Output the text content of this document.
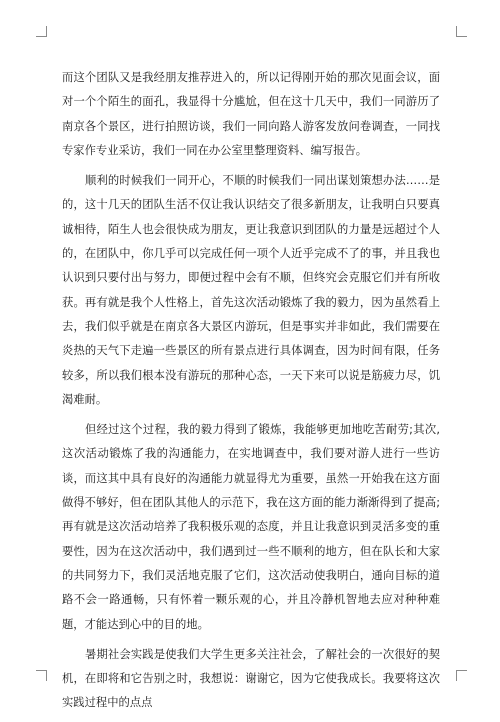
而这个团队又是我经朋友推荐进入的，所以记得刚开始的那次见面会议，面对一个个陌生的面孔，我显得十分尴尬，但在这十几天中，我们一同游历了南京各个景区，进行拍照访谈，我们一同向路人游客发放问卷调查，一同找专家作专业采访，我们一同在办公室里整理资料、编写报告。

顺利的时候我们一同开心，不顺的时候我们一同出谋划策想办法……是的，这十几天的团队生活不仅让我认识结交了很多新朋友，让我明白只要真诚相待，陌生人也会很快成为朋友，更让我意识到团队的力量是远超过个人的，在团队中，你几乎可以完成任何一项个人近乎完成不了的事，并且我也认识到只要付出与努力，即便过程中会有不顺，但终究会克服它们并有所收获。再有就是我个人性格上，首先这次活动锻炼了我的毅力，因为虽然看上去，我们似乎就是在南京各大景区内游玩，但是事实并非如此，我们需要在炎热的天气下走遍一些景区的所有景点进行具体调查，因为时间有限，任务较多，所以我们根本没有游玩的那种心态，一天下来可以说是筋疲力尽，饥渴难耐。

但经过这个过程，我的毅力得到了锻炼，我能够更加地吃苦耐劳;其次,这次活动锻炼了我的沟通能力，在实地调查中，我们要对游人进行一些访谈，而这其中具有良好的沟通能力就显得尤为重要，虽然一开始我在这方面做得不够好，但在团队其他人的示范下，我在这方面的能力渐渐得到了提高;再有就是这次活动培养了我积极乐观的态度，并且让我意识到灵活多变的重要性，因为在这次活动中，我们遇到过一些不顺利的地方，但在队长和大家的共同努力下，我们灵活地克服了它们，这次活动使我明白，通向目标的道路不会一路通畅，只有怀着一颗乐观的心，并且冷静机智地去应对种种难题，才能达到心中的目的地。

暑期社会实践是使我们大学生更多关注社会，了解社会的一次很好的契机，在即将和它告别之时，我想说：谢谢它，因为它使我成长。我要将这次实践过程中的点点
